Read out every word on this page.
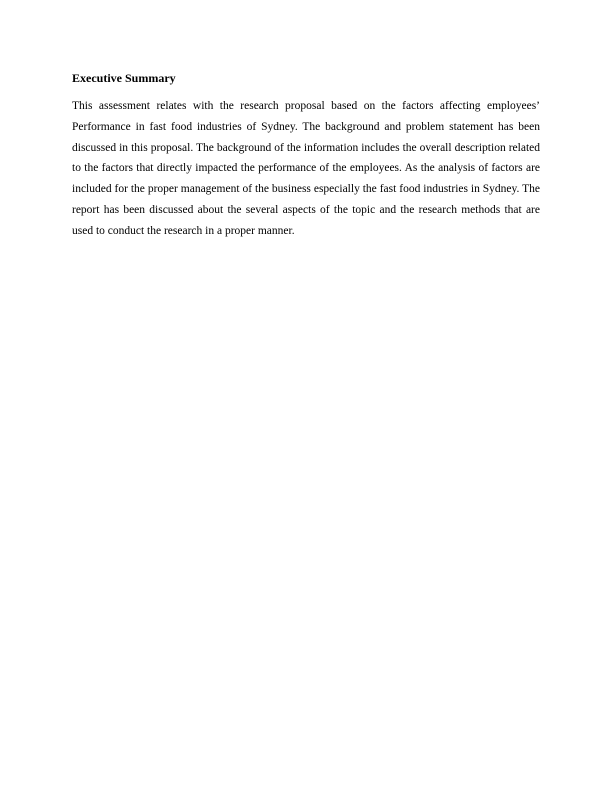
Executive Summary

This assessment relates with the research proposal based on the factors affecting employees’ Performance in fast food industries of Sydney. The background and problem statement has been discussed in this proposal. The background of the information includes the overall description related to the factors that directly impacted the performance of the employees. As the analysis of factors are included for the proper management of the business especially the fast food industries in Sydney. The report has been discussed about the several aspects of the topic and the research methods that are used to conduct the research in a proper manner.
